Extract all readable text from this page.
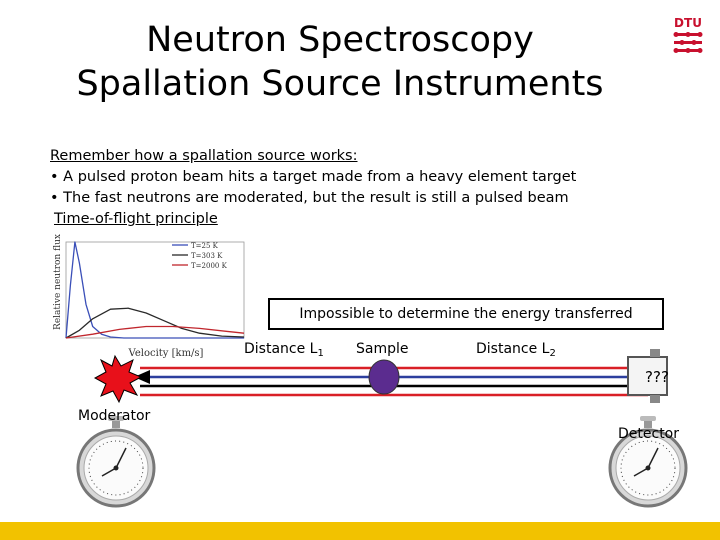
Neutron Spectroscopy
Spallation Source Instruments
DTU
Remember how a spallation source works:
• A pulsed proton beam hits a target made from a heavy element target
• The fast neutrons are moderated, but the result is still a pulsed beam
Time-of-flight principle
T=25 K
T=303 K
T=2000 K
Relative neutron flux
Velocity [km/s]
???
Distance $L_1$ Sample	Distance $L_2$
Moderator
Detector
Impossible to determine the energy transferred
